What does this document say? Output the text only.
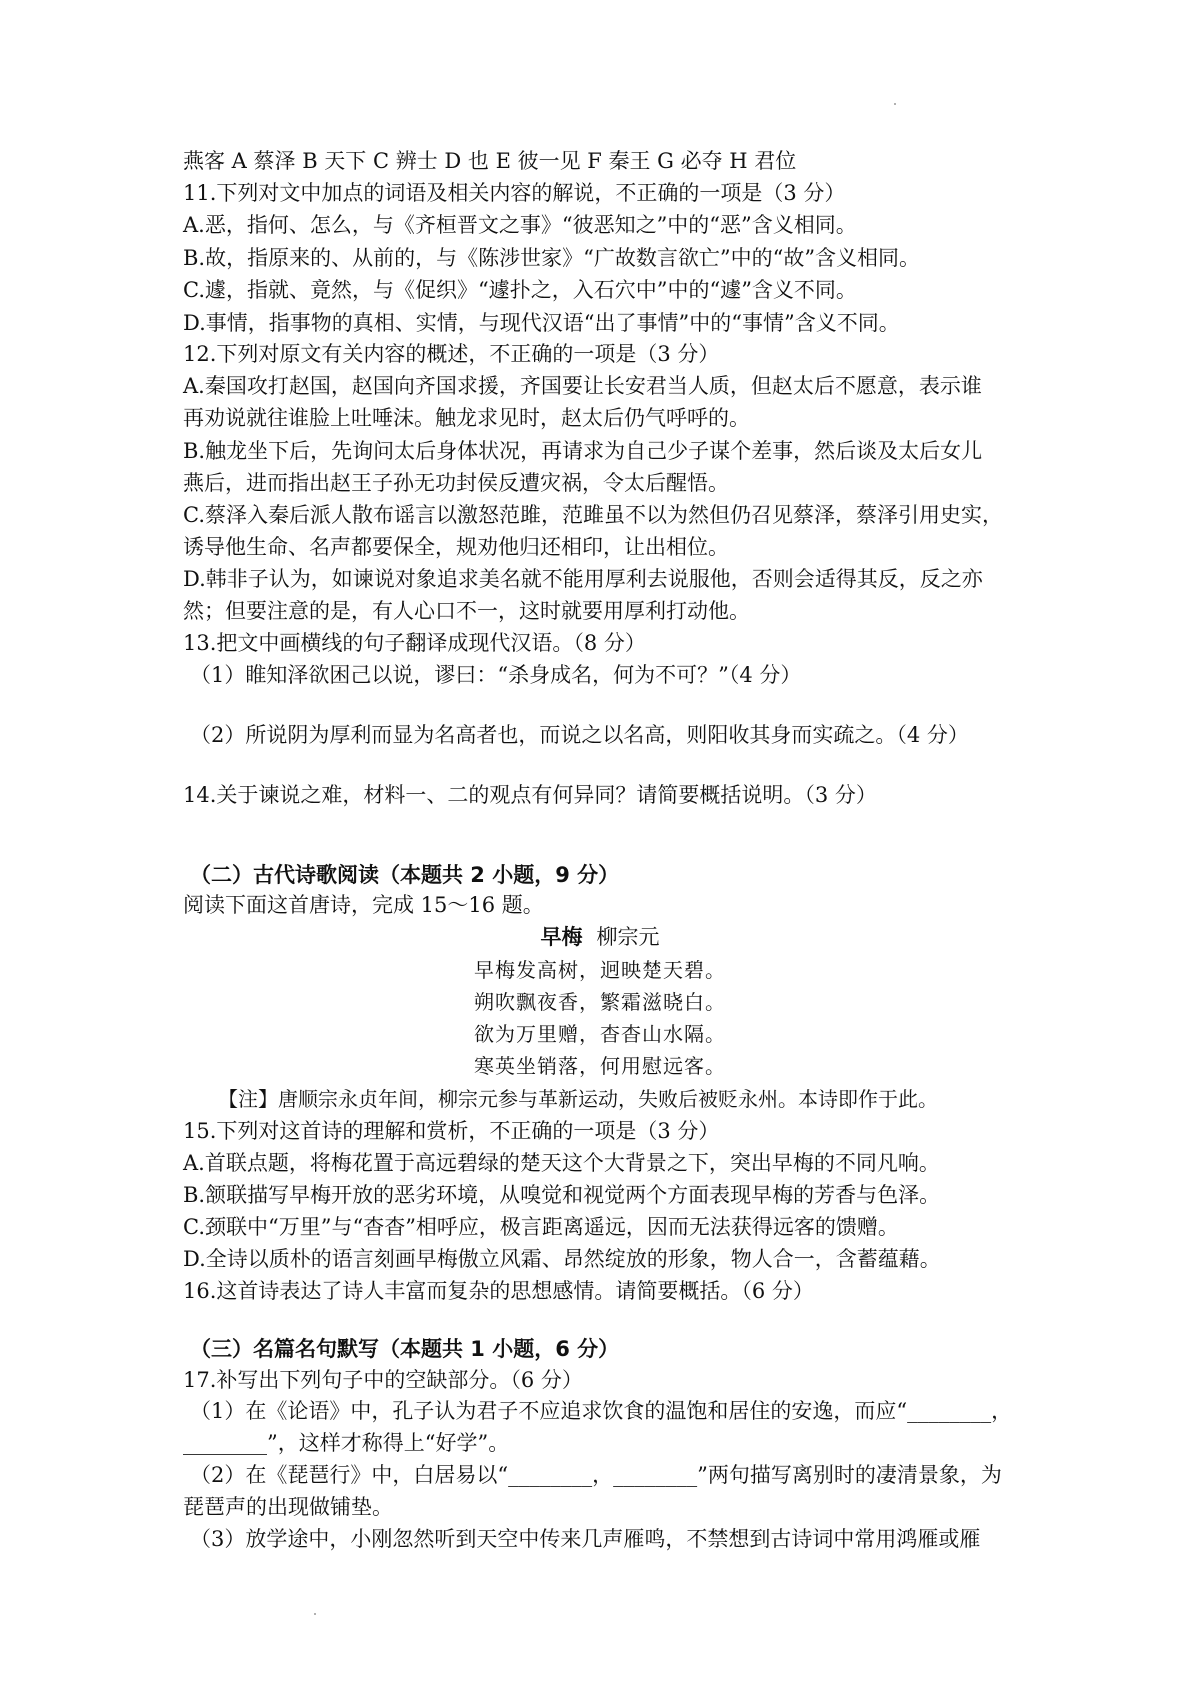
燕客 A 蔡泽 B 天下 C 辨士 D 也 E 彼一见 F 秦王 G 必夺 H 君位
11.下列对文中加点的词语及相关内容的解说，不正确的一项是（3 分）
A.恶，指何、怎么，与《齐桓晋文之事》“彼恶知之”中的“恶”含义相同。
B.故，指原来的、从前的，与《陈涉世家》“广故数言欲亡”中的“故”含义相同。
C.遽，指就、竟然，与《促织》“遽扑之，入石穴中”中的“遽”含义不同。
D.事情，指事物的真相、实情，与现代汉语“出了事情”中的“事情”含义不同。
12.下列对原文有关内容的概述，不正确的一项是（3 分）
A.秦国攻打赵国，赵国向齐国求援，齐国要让长安君当人质，但赵太后不愿意，表示谁
再劝说就往谁脸上吐唾沫。触龙求见时，赵太后仍气呼呼的。
B.触龙坐下后，先询问太后身体状况，再请求为自己少子谋个差事，然后谈及太后女儿
燕后，进而指出赵王子孙无功封侯反遭灾祸，令太后醒悟。
C.蔡泽入秦后派人散布谣言以激怒范雎，范雎虽不以为然但仍召见蔡泽，蔡泽引用史实，
诱导他生命、名声都要保全，规劝他归还相印，让出相位。
D.韩非子认为，如谏说对象追求美名就不能用厚利去说服他，否则会适得其反，反之亦
然；但要注意的是，有人心口不一，这时就要用厚利打动他。
13.把文中画横线的句子翻译成现代汉语。（8 分）
（1）睢知泽欲困己以说，谬曰：“杀身成名，何为不可？”（4 分）
（2）所说阴为厚利而显为名高者也，而说之以名高，则阳收其身而实疏之。（4 分）
14.关于谏说之难，材料一、二的观点有何异同？请简要概括说明。（3 分）
（二）古代诗歌阅读（本题共 2 小题，9 分）
阅读下面这首唐诗，完成 15～16 题。
早梅 柳宗元
早梅发高树，迥映楚天碧。
朔吹飘夜香，繁霜滋晓白。
欲为万里赠，杳杳山水隔。
寒英坐销落，何用慰远客。
【注】唐顺宗永贞年间，柳宗元参与革新运动，失败后被贬永州。本诗即作于此。
15.下列对这首诗的理解和赏析，不正确的一项是（3 分）
A.首联点题，将梅花置于高远碧绿的楚天这个大背景之下，突出早梅的不同凡响。
B.颔联描写早梅开放的恶劣环境，从嗅觉和视觉两个方面表现早梅的芳香与色泽。
C.颈联中“万里”与“杳杳”相呼应，极言距离遥远，因而无法获得远客的馈赠。
D.全诗以质朴的语言刻画早梅傲立风霜、昂然绽放的形象，物人合一，含蓄蕴藉。
16.这首诗表达了诗人丰富而复杂的思想感情。请简要概括。（6 分）
（三）名篇名句默写（本题共 1 小题，6 分）
17.补写出下列句子中的空缺部分。（6 分）
（1）在《论语》中，孔子认为君子不应追求饮食的温饱和居住的安逸，而应“________，
________”，这样才称得上“好学”。
（2）在《琵琶行》中，白居易以“________，________”两句描写离别时的凄清景象，为
琵琶声的出现做铺垫。
（3）放学途中，小刚忽然听到天空中传来几声雁鸣，不禁想到古诗词中常用鸿雁或雁
